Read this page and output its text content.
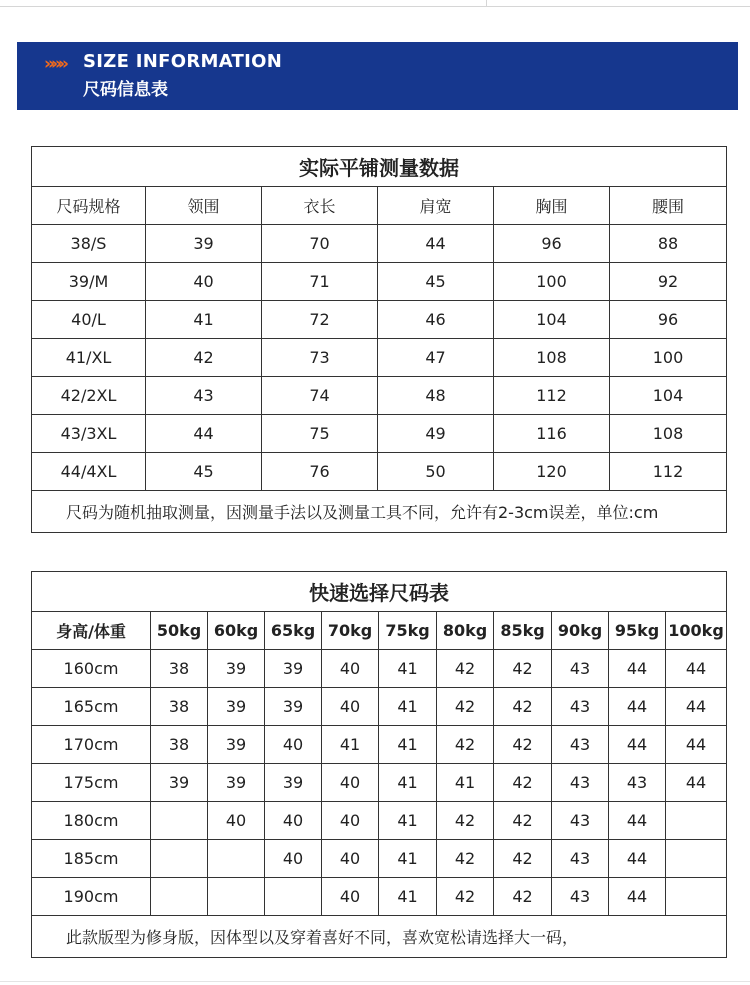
»»» SIZE INFORMATION
尺码信息表
实际平铺测量数据					
尺码规格	领围	衣长	肩宽	胸围	腰围
38/S	39	70	44	96	88
39/M	40	71	45	100	92
40/L	41	72	46	104	96
41/XL	42	73	47	108	100
42/2XL	43	74	48	112	104
43/3XL	44	75	49	116	108
44/4XL	45	76	50	120	112
尺码为随机抽取测量，因测量手法以及测量工具不同，允许有2-3cm误差，单位:cm					
快速选择尺码表										
身高/体重	50kg	60kg	65kg	70kg	75kg	80kg	85kg	90kg	95kg	100kg
160cm	38	39	39	40	41	42	42	43	44	44
165cm	38	39	39	40	41	42	42	43	44	44
170cm	38	39	40	41	41	42	42	43	44	44
175cm	39	39	39	40	41	41	42	43	43	44
180cm		40	40	40	41	42	42	43	44	
185cm			40	40	41	42	42	43	44	
190cm				40	41	42	42	43	44	
此款版型为修身版，因体型以及穿着喜好不同，喜欢宽松请选择大一码，										
